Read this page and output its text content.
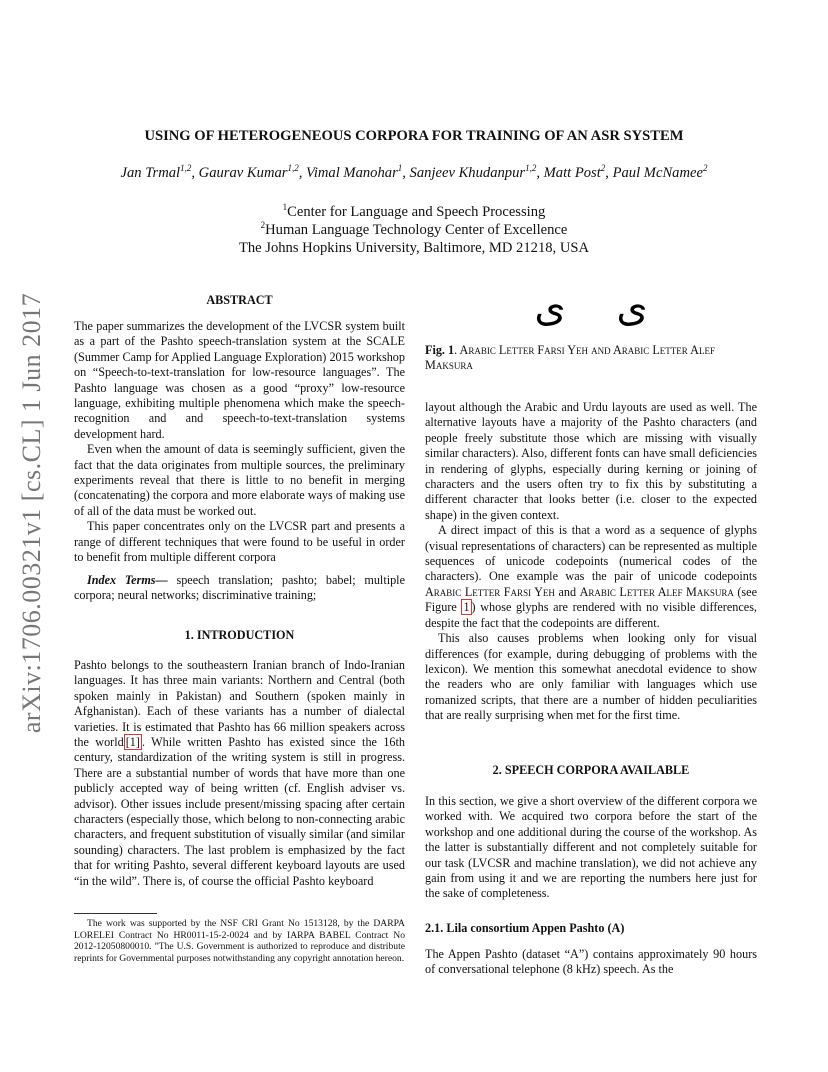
arXiv:1706.00321v1 [cs.CL] 1 Jun 2017
USING OF HETEROGENEOUS CORPORA FOR TRAINING OF AN ASR SYSTEM
Jan Trmal$^{1,2}$, Gaurav Kumar$^{1,2}$, Vimal Manohar$^1$, Sanjeev Khudanpur$^{1,2}$, Matt Post$^2$, Paul McNamee$^2$
$^1$Center for Language and Speech Processing
$^2$Human Language Technology Center of Excellence
The Johns Hopkins University, Baltimore, MD 21218, USA
ABSTRACT

The paper summarizes the development of the LVCSR system built as a part of the Pashto speech-translation system at the SCALE (Summer Camp for Applied Language Exploration) 2015 workshop on “Speech-to-text-translation for low-resource languages”. The Pashto language was chosen as a good “proxy” low-resource language, exhibiting multiple phenomena which make the speech-recognition and and speech-to-text-translation systems development hard.

Even when the amount of data is seemingly sufficient, given the fact that the data originates from multiple sources, the preliminary experiments reveal that there is little to no benefit in merging (concatenating) the corpora and more elaborate ways of making use of all of the data must be worked out.

This paper concentrates only on the LVCSR part and presents a range of different techniques that were found to be useful in order to benefit from multiple different corpora

Index Terms— speech translation; pashto; babel; multiple corpora; neural networks; discriminative training;

1. INTRODUCTION

Pashto belongs to the southeastern Iranian branch of Indo-Iranian languages. It has three main variants: Northern and Central (both spoken mainly in Pakistan) and Southern (spoken mainly in Afghanistan). Each of these variants has a number of dialectal varieties. It is estimated that Pashto has 66 million speakers across the world [1] . While written Pashto has existed since the 16th century, standardization of the writing system is still in progress. There are a substantial number of words that have more than one publicly accepted way of being written (cf. English adviser vs. advisor). Other issues include present/missing spacing after certain characters (especially those, which belong to non-connecting arabic characters, and frequent substitution of visually similar (and similar sounding) characters. The last problem is emphasized by the fact that for writing Pashto, several different keyboard layouts are used “in the wild”. There is, of course the official Pashto keyboard

The work was supported by the NSF CRI Grant No 1513128, by the DARPA LORELEI Contract No HR0011-15-2-0024 and by IARPA BABEL Contract No 2012-12050800010. ”The U.S. Government is authorized to reproduce and distribute reprints for Governmental purposes notwithstanding any copyright annotation hereon.

ی ى
Fig. 1. Arabic Letter Farsi Yeh and Arabic Letter Alef Maksura

layout although the Arabic and Urdu layouts are used as well. The alternative layouts have a majority of the Pashto characters (and people freely substitute those which are missing with visually similar characters). Also, different fonts can have small deficiencies in rendering of glyphs, especially during kerning or joining of characters and the users often try to fix this by substituting a different character that looks better (i.e. closer to the expected shape) in the given context.

A direct impact of this is that a word as a sequence of glyphs (visual representations of characters) can be represented as multiple sequences of unicode codepoints (numerical codes of the characters). One example was the pair of unicode codepoints Arabic Letter Farsi Yeh and Arabic Letter Alef Maksura (see Figure 1 ) whose glyphs are rendered with no visible differences, despite the fact that the codepoints are different.

This also causes problems when looking only for visual differences (for example, during debugging of problems with the lexicon). We mention this somewhat anecdotal evidence to show the readers who are only familiar with languages which use romanized scripts, that there are a number of hidden peculiarities that are really surprising when met for the first time.

2. SPEECH CORPORA AVAILABLE

In this section, we give a short overview of the different corpora we worked with. We acquired two corpora before the start of the workshop and one additional during the course of the workshop. As the latter is substantially different and not completely suitable for our task (LVCSR and machine translation), we did not achieve any gain from using it and we are reporting the numbers here just for the sake of completeness.

2.1. Lila consortium Appen Pashto (A)

The Appen Pashto (dataset “A”) contains approximately 90 hours of conversational telephone (8 kHz) speech. As the
